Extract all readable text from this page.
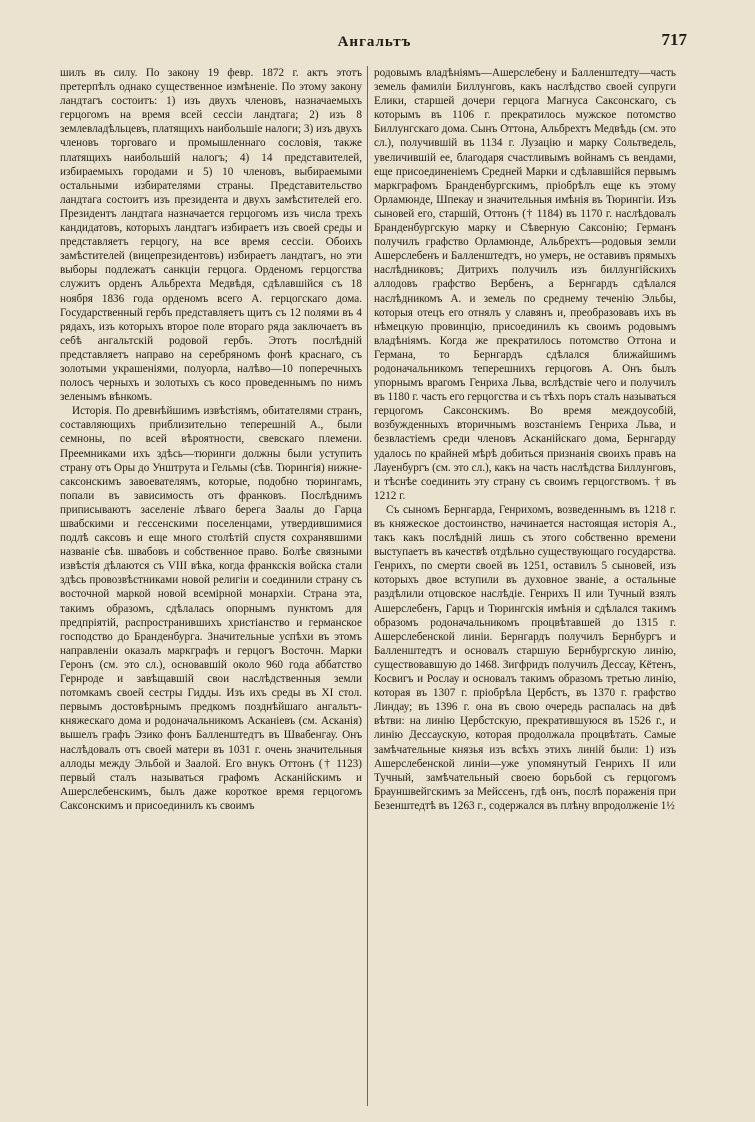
Ангальтъ	717

шилъ въ силу. По закону 19 февр. 1872 г. актъ этотъ претерпѣлъ однако существенное измѣненіе. По этому закону ландтагъ состоитъ: 1) изъ двухъ членовъ, назначаемыхъ герцогомъ на время всей сессіи ландтага; 2) изъ 8 землевладѣльцевъ, платящихъ наибольшіе налоги; 3) изъ двухъ членовъ торговаго и промышленнаго сословія, также платящихъ наибольшій налогъ; 4) 14 представителей, избираемыхъ городами и 5) 10 членовъ, выбираемыми остальными избирателями страны. Представительство ландтага состоитъ изъ президента и двухъ замѣстителей его. Президентъ ландтага назначается герцогомъ изъ числа трехъ кандидатовъ, которыхъ ландтагъ избираетъ изъ своей среды и представляетъ герцогу, на все время сессіи. Обоихъ замѣстителей (вицепрезидентовъ) избираетъ ландтагъ, но эти выборы подлежатъ санкціи герцога. Орденомъ герцогства служитъ орденъ Альбрехта Медвѣдя, сдѣлавшійся съ 18 ноября 1836 года орденомъ всего А. герцогскаго дома. Государственный гербъ представляетъ щитъ съ 12 полями въ 4 рядахъ, изъ которыхъ второе поле втораго ряда заключаетъ въ себѣ ангальтскій родовой гербъ. Этотъ послѣдній представляетъ направо на серебряномъ фонѣ краснаго, съ золотыми украшеніями, полуорла, налѣво—10 поперечныхъ полосъ черныхъ и золотыхъ съ косо проведеннымъ по нимъ зеленымъ вѣнкомъ.

Исторія. По древнѣйшимъ извѣстіямъ, обитателями странъ, составляющихъ приблизительно теперешній А., были семноны, по всей вѣроятности, свевскаго племени. Преемниками ихъ здѣсь—тюринги должны были уступить страну отъ Оры до Унштрута и Гельмы (сѣв. Тюрингія) нижне-саксонскимъ завоевателямъ, которые, подобно тюрингамъ, попали въ зависимость отъ франковъ. Послѣднимъ приписываютъ заселеніе лѣваго берега Заалы до Гарца швабскими и гессенскими поселенцами, утвердившимися подлѣ саксовъ и еще много столѣтій спустя сохранявшими названіе сѣв. швабовъ и собственное право. Болѣе связными извѣстія дѣлаются съ VIII вѣка, когда франкскія войска стали здѣсь провозвѣстниками новой религіи и соединили страну съ восточной маркой новой всемірной монархіи. Страна эта, такимъ образомъ, сдѣлалась опорнымъ пунктомъ для предпріятій, распространившихъ христіанство и германское господство до Бранденбурга. Значительные успѣхи въ этомъ направленіи оказалъ маркграфъ и герцогъ Восточн. Марки Геронъ (см. это сл.), основавшій около 960 года аббатство Гернроде и завѣщавшій свои наслѣдственныя земли потомкамъ своей сестры Гидды. Изъ ихъ среды въ XI стол. первымъ достовѣрнымъ предкомъ позднѣйшаго ангальтъ-княжескаго дома и родоначальникомъ Асканіевъ (см. Асканія) вышелъ графъ Эзико фонъ Балленштедтъ въ Швабенгау. Онъ наслѣдовалъ отъ своей матери въ 1031 г. очень значительныя аллоды между Эльбой и Заалой. Его внукъ Оттонъ († 1123) первый сталъ называться графомъ Асканійскимъ и Ашерслебенскимъ, былъ даже короткое время герцогомъ Саксонскимъ и присоединилъ къ своимъ

родовымъ владѣніямъ—Ашерслебену и Балленштедту—часть земель фамиліи Биллунговъ, какъ наслѣдство своей супруги Елики, старшей дочери герцога Магнуса Саксонскаго, съ которымъ въ 1106 г. прекратилось мужское потомство Биллунгскаго дома. Сынъ Оттона, Альбрехтъ Медвѣдь (см. это сл.), получившій въ 1134 г. Лузацію и марку Сольтведель, увеличившій ее, благодаря счастливымъ войнамъ съ вендами, еще присоединеніемъ Средней Марки и сдѣлавшійся первымъ маркграфомъ Бранденбургскимъ, пріобрѣлъ еще къ этому Орламюнде, Шпекау и значительныя имѣнія въ Тюрингіи. Изъ сыновей его, старшій, Оттонъ († 1184) въ 1170 г. наслѣдовалъ Бранденбургскую марку и Сѣверную Саксонію; Германъ получилъ графство Орламюнде, Альбрехтъ—родовыя земли Ашерслебенъ и Балленштедтъ, но умеръ, не оставивъ прямыхъ наслѣдниковъ; Дитрихъ получилъ изъ биллунгійскихъ аллодовъ графство Вербенъ, а Бернгардъ сдѣлался наслѣдникомъ А. и земель по среднему теченію Эльбы, которыя отецъ его отнялъ у славянъ и, преобразовавъ ихъ въ нѣмецкую провинцію, присоединилъ къ своимъ родовымъ владѣніямъ. Когда же прекратилось потомство Оттона и Германа, то Бернгардъ сдѣлался ближайшимъ родоначальникомъ теперешнихъ герцоговъ А. Онъ былъ упорнымъ врагомъ Генриха Льва, вслѣдствіе чего и получилъ въ 1180 г. часть его герцогства и съ тѣхъ поръ сталъ называться герцогомъ Саксонскимъ. Во время междоусобій, возбужденныхъ вторичнымъ возстаніемъ Генриха Льва, и безвластіемъ среди членовъ Асканійскаго дома, Бернгарду удалось по крайней мѣрѣ добиться признанія своихъ правъ на Лауенбургъ (см. это сл.), какъ на часть наслѣдства Биллунговъ, и тѣснѣе соединить эту страну съ своимъ герцогствомъ. † въ 1212 г.

Съ сыномъ Бернгарда, Генрихомъ, возведеннымъ въ 1218 г. въ княжеское достоинство, начинается настоящая исторія А., такъ какъ послѣдній лишь съ этого собственно времени выступаетъ въ качествѣ отдѣльно существующаго государства. Генрихъ, по смерти своей въ 1251, оставилъ 5 сыновей, изъ которыхъ двое вступили въ духовное званіе, а остальные раздѣлили отцовское наслѣдіе. Генрихъ II или Тучный взялъ Ашерслебенъ, Гарцъ и Тюрингскія имѣнія и сдѣлался такимъ образомъ родоначальникомъ процвѣтавшей до 1315 г. Ашерслебенской линіи. Бернгардъ получилъ Бернбургъ и Балленштедтъ и основалъ старшую Бернбургскую линію, существовавшую до 1468. Зигфридъ получилъ Дессау, Кётенъ, Косвигъ и Рослау и основалъ такимъ образомъ третью линію, которая въ 1307 г. пріобрѣла Цербстъ, въ 1370 г. графство Линдау; въ 1396 г. она въ свою очередь распалась на двѣ вѣтви: на линію Цербстскую, прекратившуюся въ 1526 г., и линію Дессаускую, которая продолжала процвѣтать. Самые замѣчательные князья изъ всѣхъ этихъ линій были: 1) изъ Ашерслебенской линіи—уже упомянутый Генрихъ II или Тучный, замѣчательный своею борьбой съ герцогомъ Брауншвейгскимъ за Мейссенъ, гдѣ онъ, послѣ пораженія при Безенштедтѣ въ 1263 г., содержался въ плѣну впродолженіе 1½
